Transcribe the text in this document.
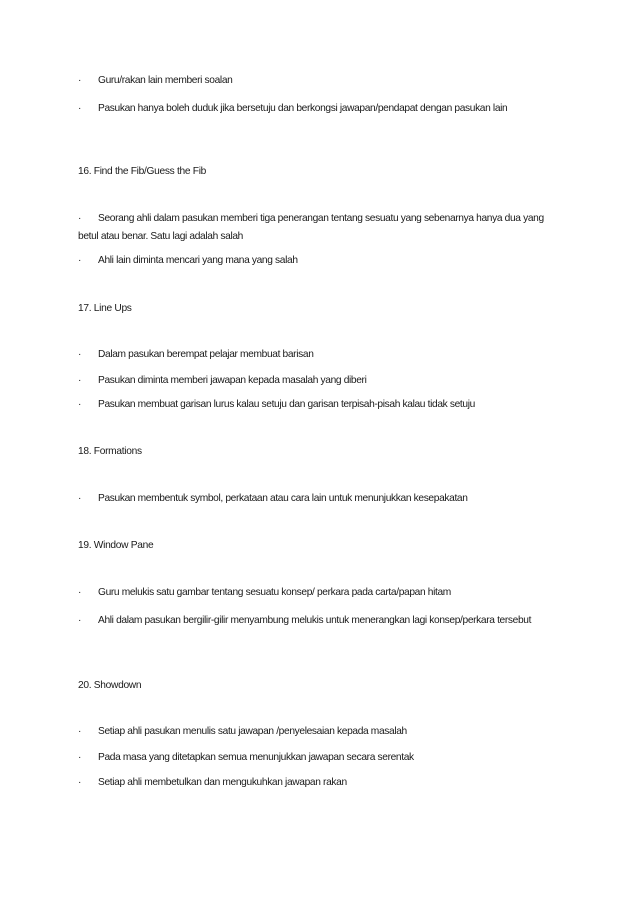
· Guru/rakan lain memberi soalan
· Pasukan hanya boleh duduk jika bersetuju dan berkongsi jawapan/pendapat dengan pasukan lain
16. Find the Fib/Guess the Fib
· Seorang ahli dalam pasukan memberi tiga penerangan tentang sesuatu yang sebenarnya hanya dua yang betul atau benar. Satu lagi adalah salah
· Ahli lain diminta mencari yang mana yang salah
17. Line Ups
· Dalam pasukan berempat pelajar membuat barisan
· Pasukan diminta memberi jawapan kepada masalah yang diberi
· Pasukan membuat garisan lurus kalau setuju dan garisan terpisah-pisah kalau tidak setuju
18. Formations
· Pasukan membentuk symbol, perkataan atau cara lain untuk menunjukkan kesepakatan
19. Window Pane
· Guru melukis satu gambar tentang sesuatu konsep/ perkara pada carta/papan hitam
· Ahli dalam pasukan bergilir-gilir menyambung melukis untuk menerangkan lagi konsep/perkara tersebut
20. Showdown
· Setiap ahli pasukan menulis satu jawapan /penyelesaian kepada masalah
· Pada masa yang ditetapkan semua menunjukkan jawapan secara serentak
· Setiap ahli membetulkan dan mengukuhkan jawapan rakan
